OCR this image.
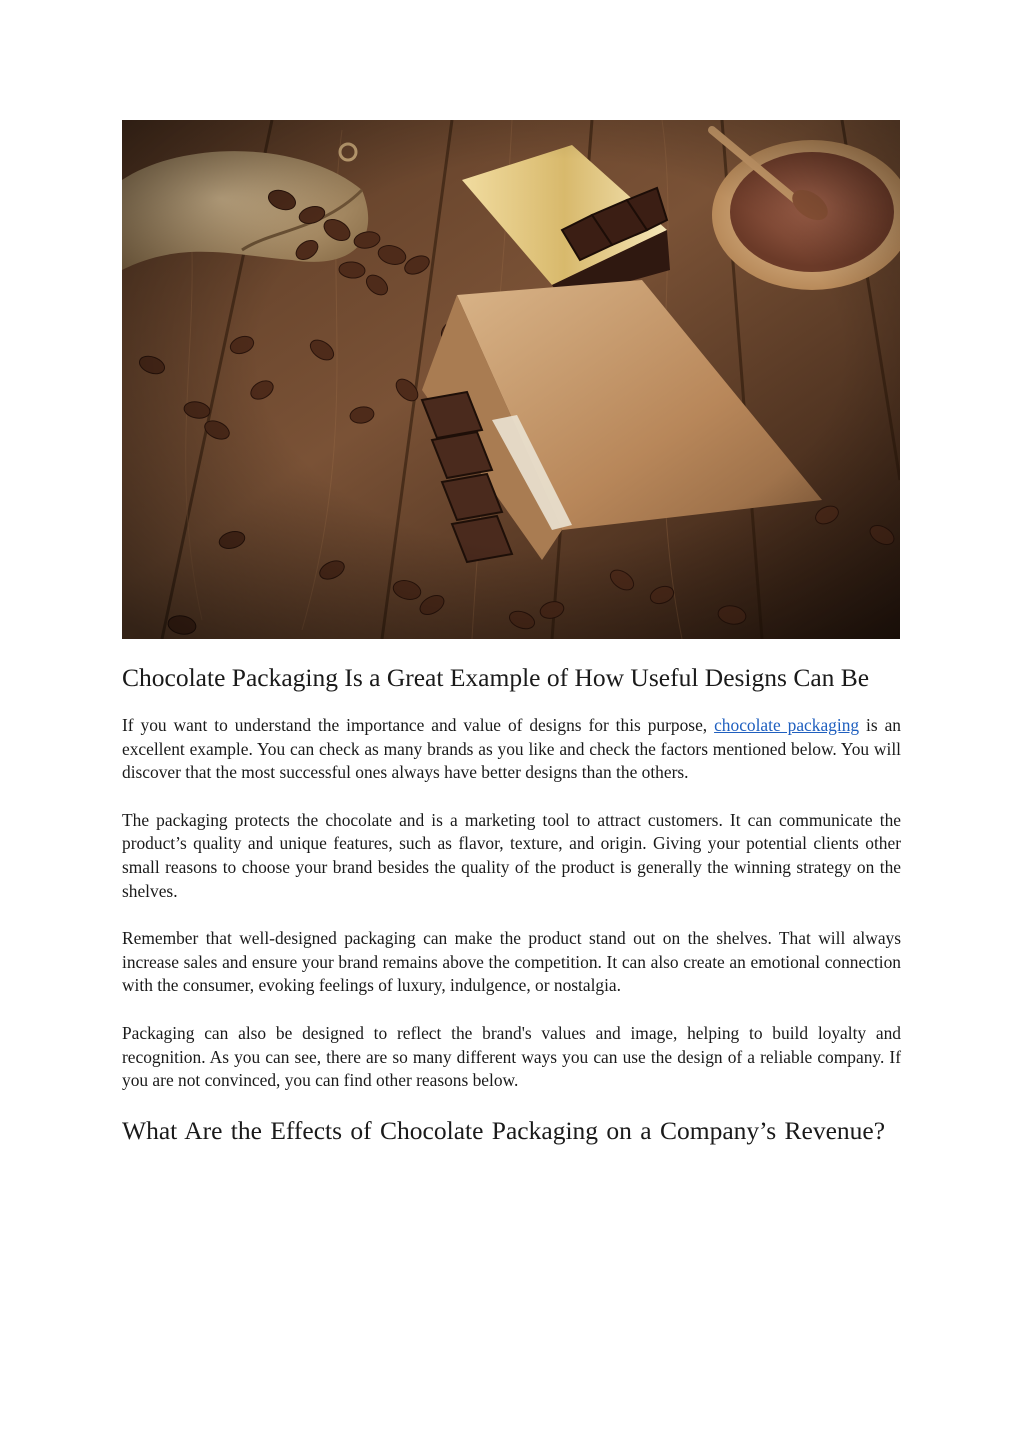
Chocolate Packaging Is a Great Example of How Useful Designs Can Be

If you want to understand the importance and value of designs for this purpose, chocolate packaging is an excellent example. You can check as many brands as you like and check the factors mentioned below. You will discover that the most successful ones always have better designs than the others.

The packaging protects the chocolate and is a marketing tool to attract customers. It can communicate the product’s quality and unique features, such as flavor, texture, and origin. Giving your potential clients other small reasons to choose your brand besides the quality of the product is generally the winning strategy on the shelves.

Remember that well-designed packaging can make the product stand out on the shelves. That will always increase sales and ensure your brand remains above the competition. It can also create an emotional connection with the consumer, evoking feelings of luxury, indulgence, or nostalgia.

Packaging can also be designed to reflect the brand's values and image, helping to build loyalty and recognition. As you can see, there are so many different ways you can use the design of a reliable company. If you are not convinced, you can find other reasons below.

What Are the Effects of Chocolate Packaging on a Company’s Revenue?
